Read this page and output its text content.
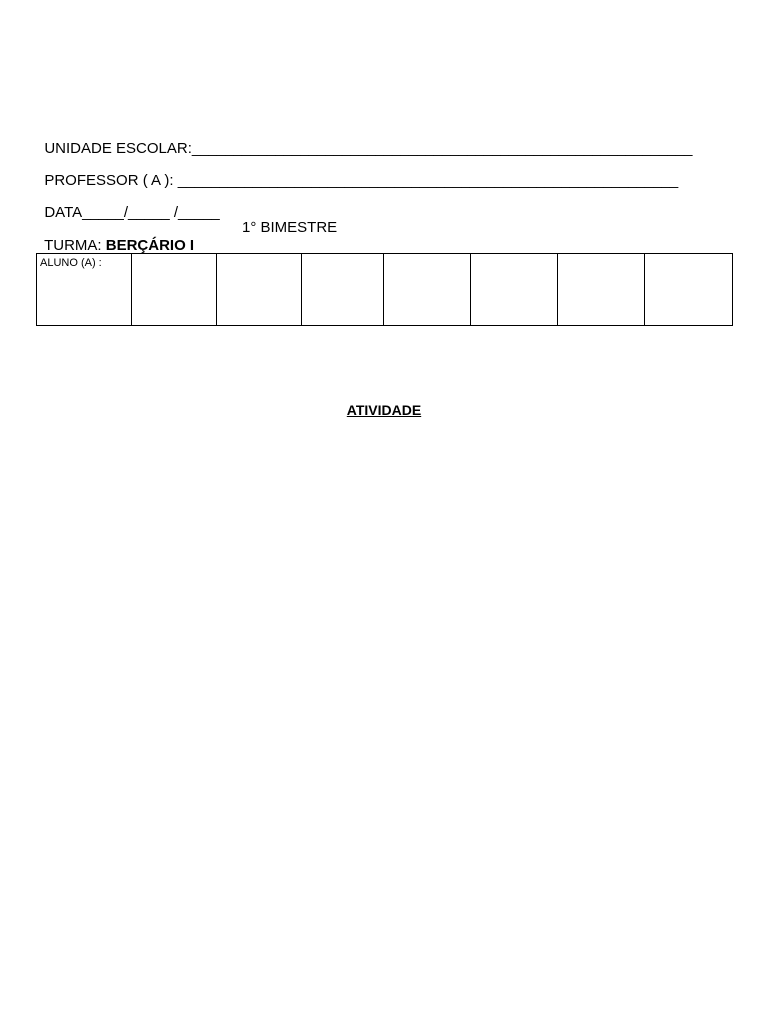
UNIDADE ESCOLAR:____________________________________________________________

PROFESSOR ( A ): ____________________________________________________________

DATA_____/_____ /_____

TURMA: BERÇÁRIO I

1° BIMESTRE

ALUNO (A) :

ATIVIDADE
